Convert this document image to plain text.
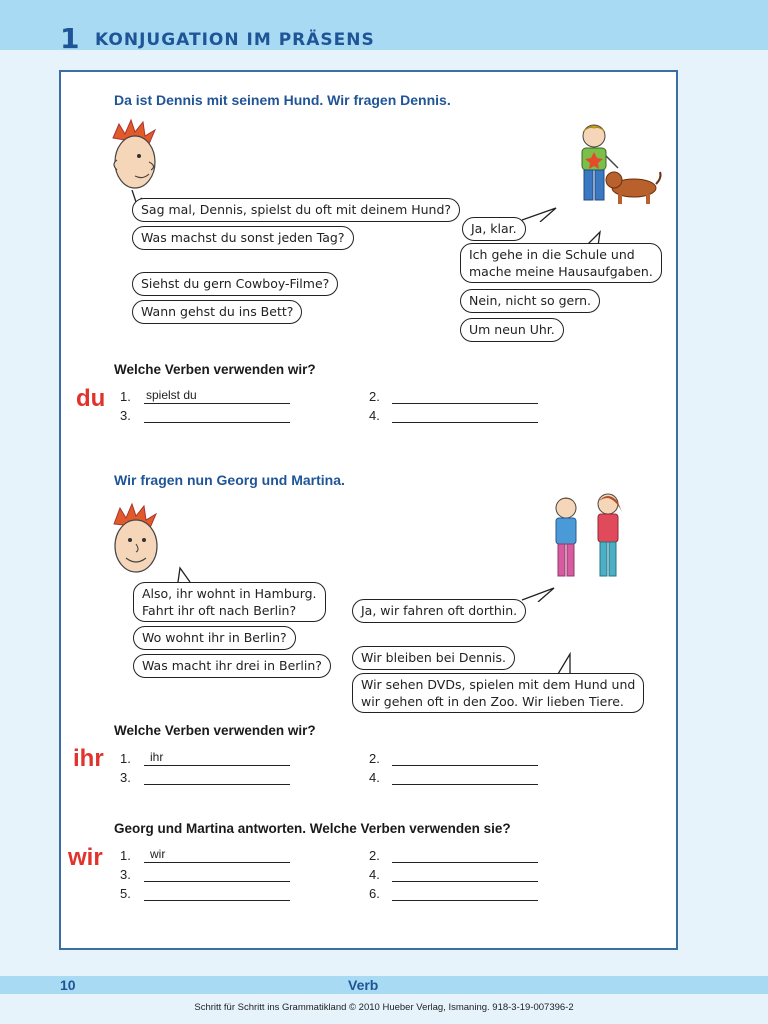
1 KONJUGATION IM PRÄSENS
Da ist Dennis mit seinem Hund. Wir fragen Dennis.
Sag mal, Dennis, spielst du oft mit deinem Hund?
Was machst du sonst jeden Tag?
Siehst du gern Cowboy-Filme?
Wann gehst du ins Bett?
Ja, klar.
Ich gehe in die Schule und
mache meine Hausaufgaben.
Nein, nicht so gern.
Um neun Uhr.
Welche Verben verwenden wir?
du 1. spielst du	2.
3.	4.
Wir fragen nun Georg und Martina.
Also, ihr wohnt in Hamburg.
Fahrt ihr oft nach Berlin?
Wo wohnt ihr in Berlin?
Was macht ihr drei in Berlin?
Ja, wir fahren oft dorthin.
Wir bleiben bei Dennis.
Wir sehen DVDs, spielen mit dem Hund und
wir gehen oft in den Zoo. Wir lieben Tiere.
Welche Verben verwenden wir?
ihr 1.	ihr	2.
3.	4.
Georg und Martina antworten. Welche Verben verwenden sie?
wir 1.	wir	2.
3.	4.
5.	6.
10	Verb
Schritt für Schritt ins Grammatikland © 2010 Hueber Verlag, Ismaning. 918-3-19-007396-2
